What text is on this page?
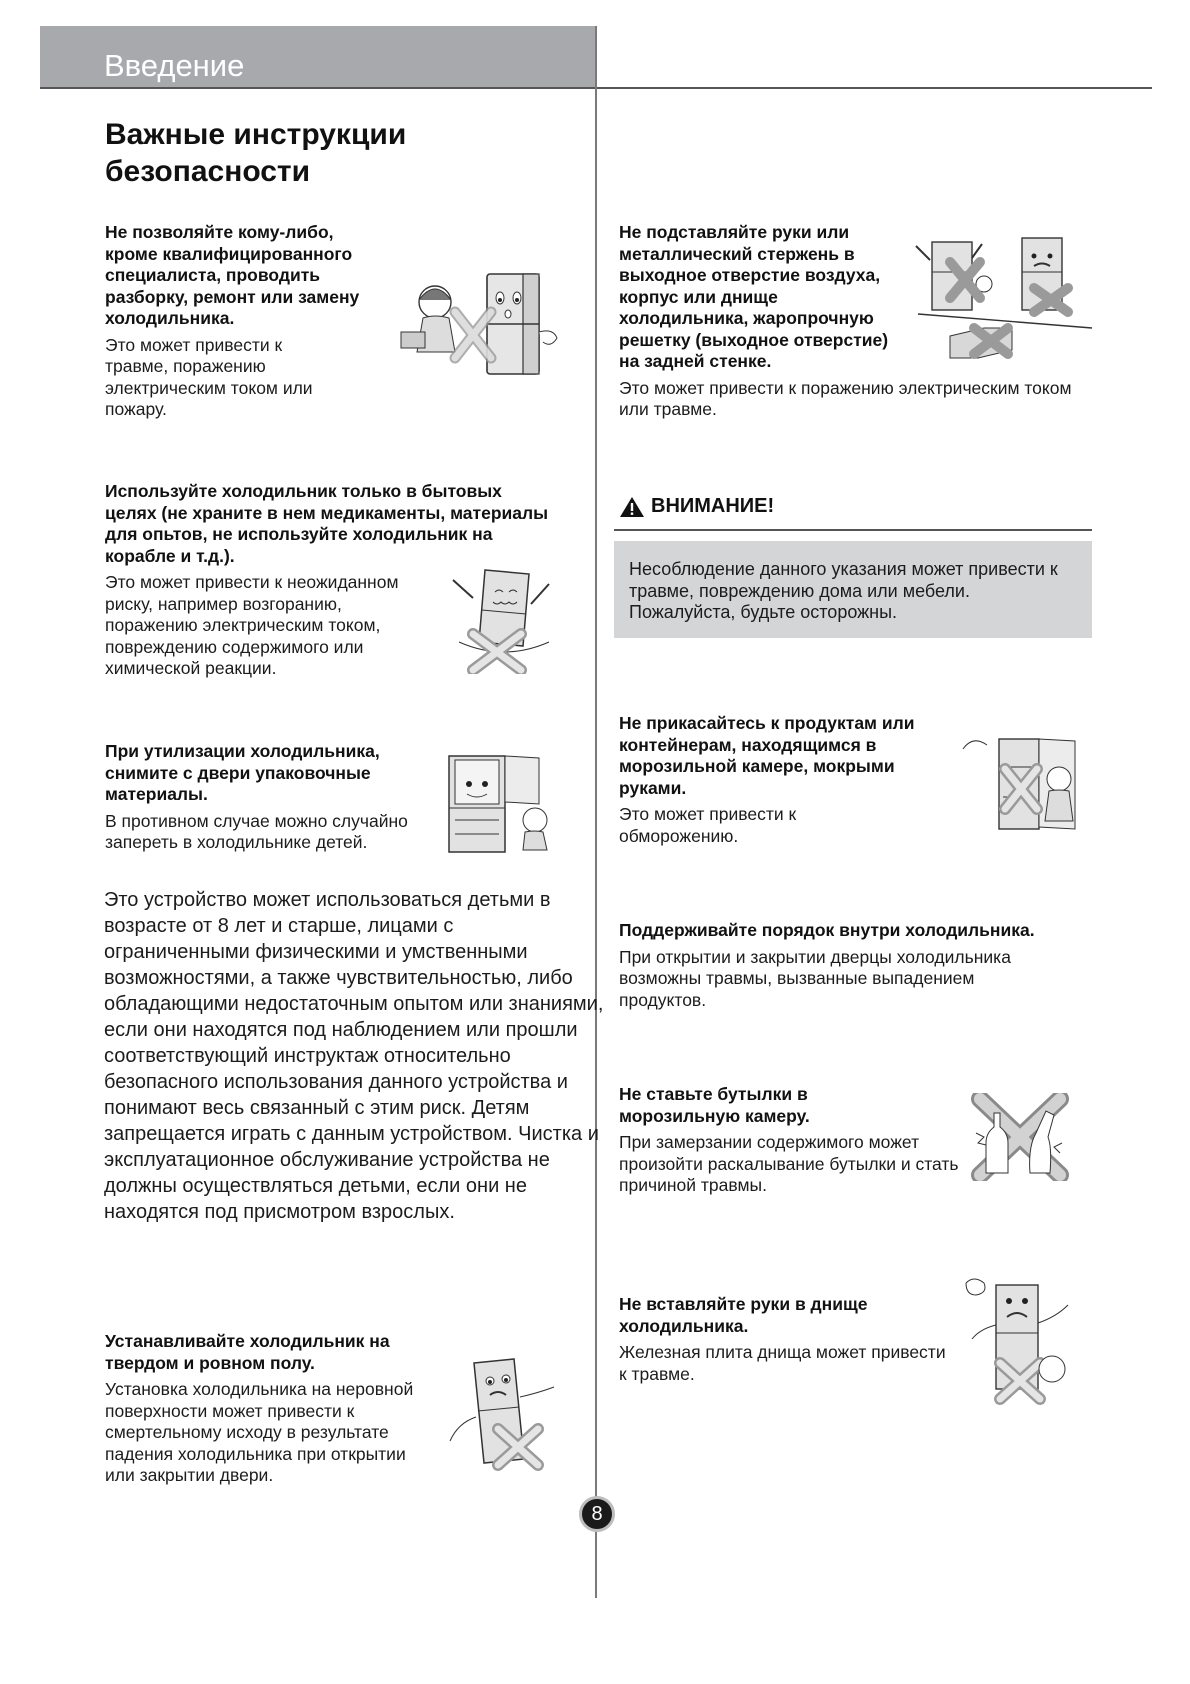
Введение
Важные инструкции
безопасности
Не позволяйте кому-либо, кроме квалифицированного специалиста, проводить разборку, ремонт или замену холодильника.
Это может привести к травме, поражению электрическим током или пожару.
Используйте холодильник только в бытовых целях (не храните в нем медикаменты, материалы для опьтов, не используйте холодильник на корабле и т.д.).
Это может привести к неожиданном риску, например возгоранию, поражению электрическим током, повреждению содержимого или химической реакции.
При утилизации холодильника, снимите с двери упаковочные материалы.
В противном случае можно случайно запереть в холодильнике детей.
Это устройство может использоваться детьми в возрасте от 8 лет и старше, лицами с ограниченными физическими и умственными возможностями, а также чувствительностью, либо обладающими недостаточным опытом или знаниями, если они находятся под наблюдением или прошли соответствующий инструктаж относительно безопасного использования данного устройства и понимают весь связанный с этим риск. Детям запрещается играть с данным устройством. Чистка и эксплуатационное обслуживание устройства не должны осуществляться детьми, если они не находятся под присмотром взрослых.
Устанавливайте холодильник на твердом и ровном полу.
Установка холодильника на неровной поверхности может привести к смертельному исходу в результате падения холодильника при открытии или закрытии двери.
Не подставляйте руки или металлический стержень в выходное отверстие воздуха, корпус или днище холодильника, жаропрочную решетку (выходное отверстие) на задней стенке.
Это может привести к поражению электрическим током или травме.
ВНИМАНИЕ!
Несоблюдение данного указания может привести к травме, повреждению дома или мебели. Пожалуйста, будьте осторожны.
Не прикасайтесь к продуктам или контейнерам, находящимся в морозильной камере, мокрыми руками.
Это может привести к обморожению.
Поддерживайте порядок внутри холодильника.
При открытии и закрытии дверцы холодильника возможны травмы, вызванные выпадением продуктов.
Не ставьте бутылки в морозильную камеру.
При замерзании содержимого может произойти раскалывание бутылки и стать причиной травмы.
Не вставляйте руки в днище холодильника.
Железная плита днища может привести к травме.
8
